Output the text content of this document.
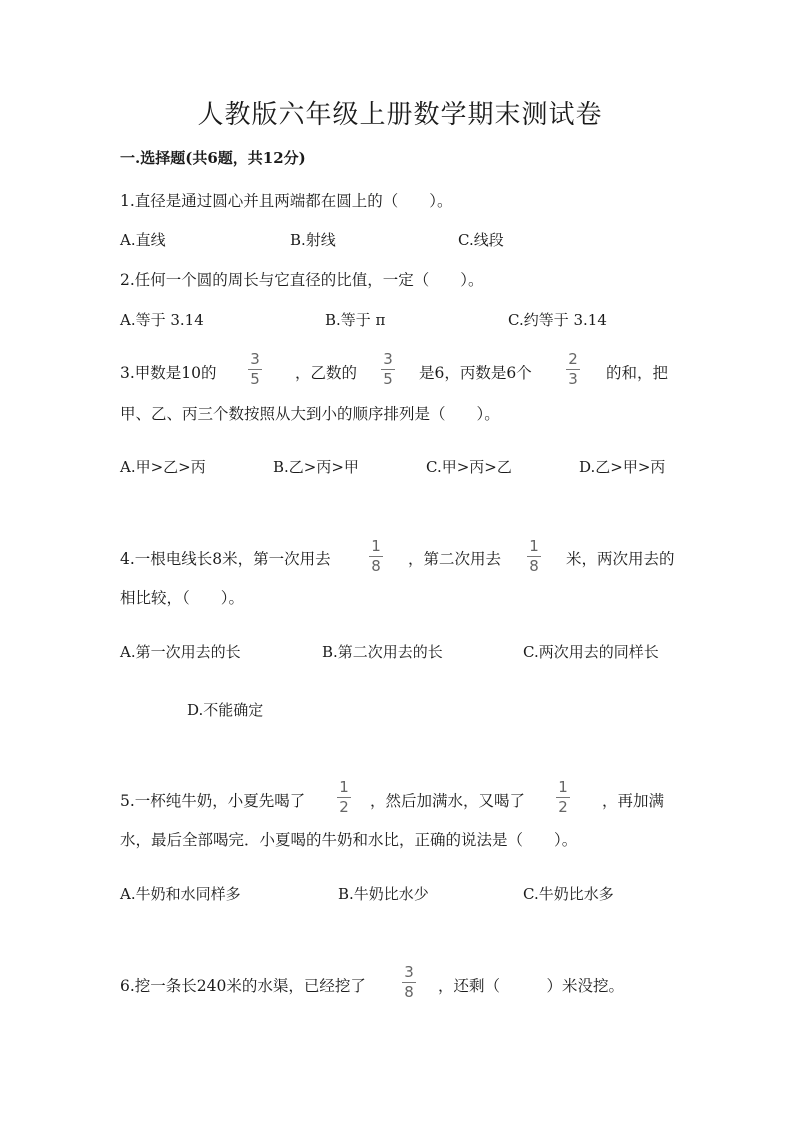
人教版六年级上册数学期末测试卷
一.选择题(共6题，共12分)
1.直径是通过圆心并且两端都在圆上的（　　）。
A.直线	B.射线	C.线段
2.任何一个圆的周长与它直径的比值，一定（　　）。
A.等于 3.14	B.等于 π	C.约等于 3.14
3.甲数是10的
3
5 ，乙数的
3
5 是6，丙数是6个
2
3 的和，把
甲、乙、丙三个数按照从大到小的顺序排列是（　　）。
A.甲>乙>丙	B.乙>丙>甲	C.甲>丙>乙	D.乙>甲>丙
4.一根电线长8米，第一次用去
1
8 ，第二次用去
1
8 米，两次用去的
相比较，（　　）。
A.第一次用去的长	B.第二次用去的长	C.两次用去的同样长
D.不能确定
5.一杯纯牛奶，小夏先喝了
1
2 ，然后加满水，又喝了
1
2 ，再加满
水，最后全部喝完．小夏喝的牛奶和水比，正确的说法是（　　）。
A.牛奶和水同样多	B.牛奶比水少	C.牛奶比水多
6.挖一条长240米的水渠，已经挖了
3
8 ，还剩（　　　）米没挖。
